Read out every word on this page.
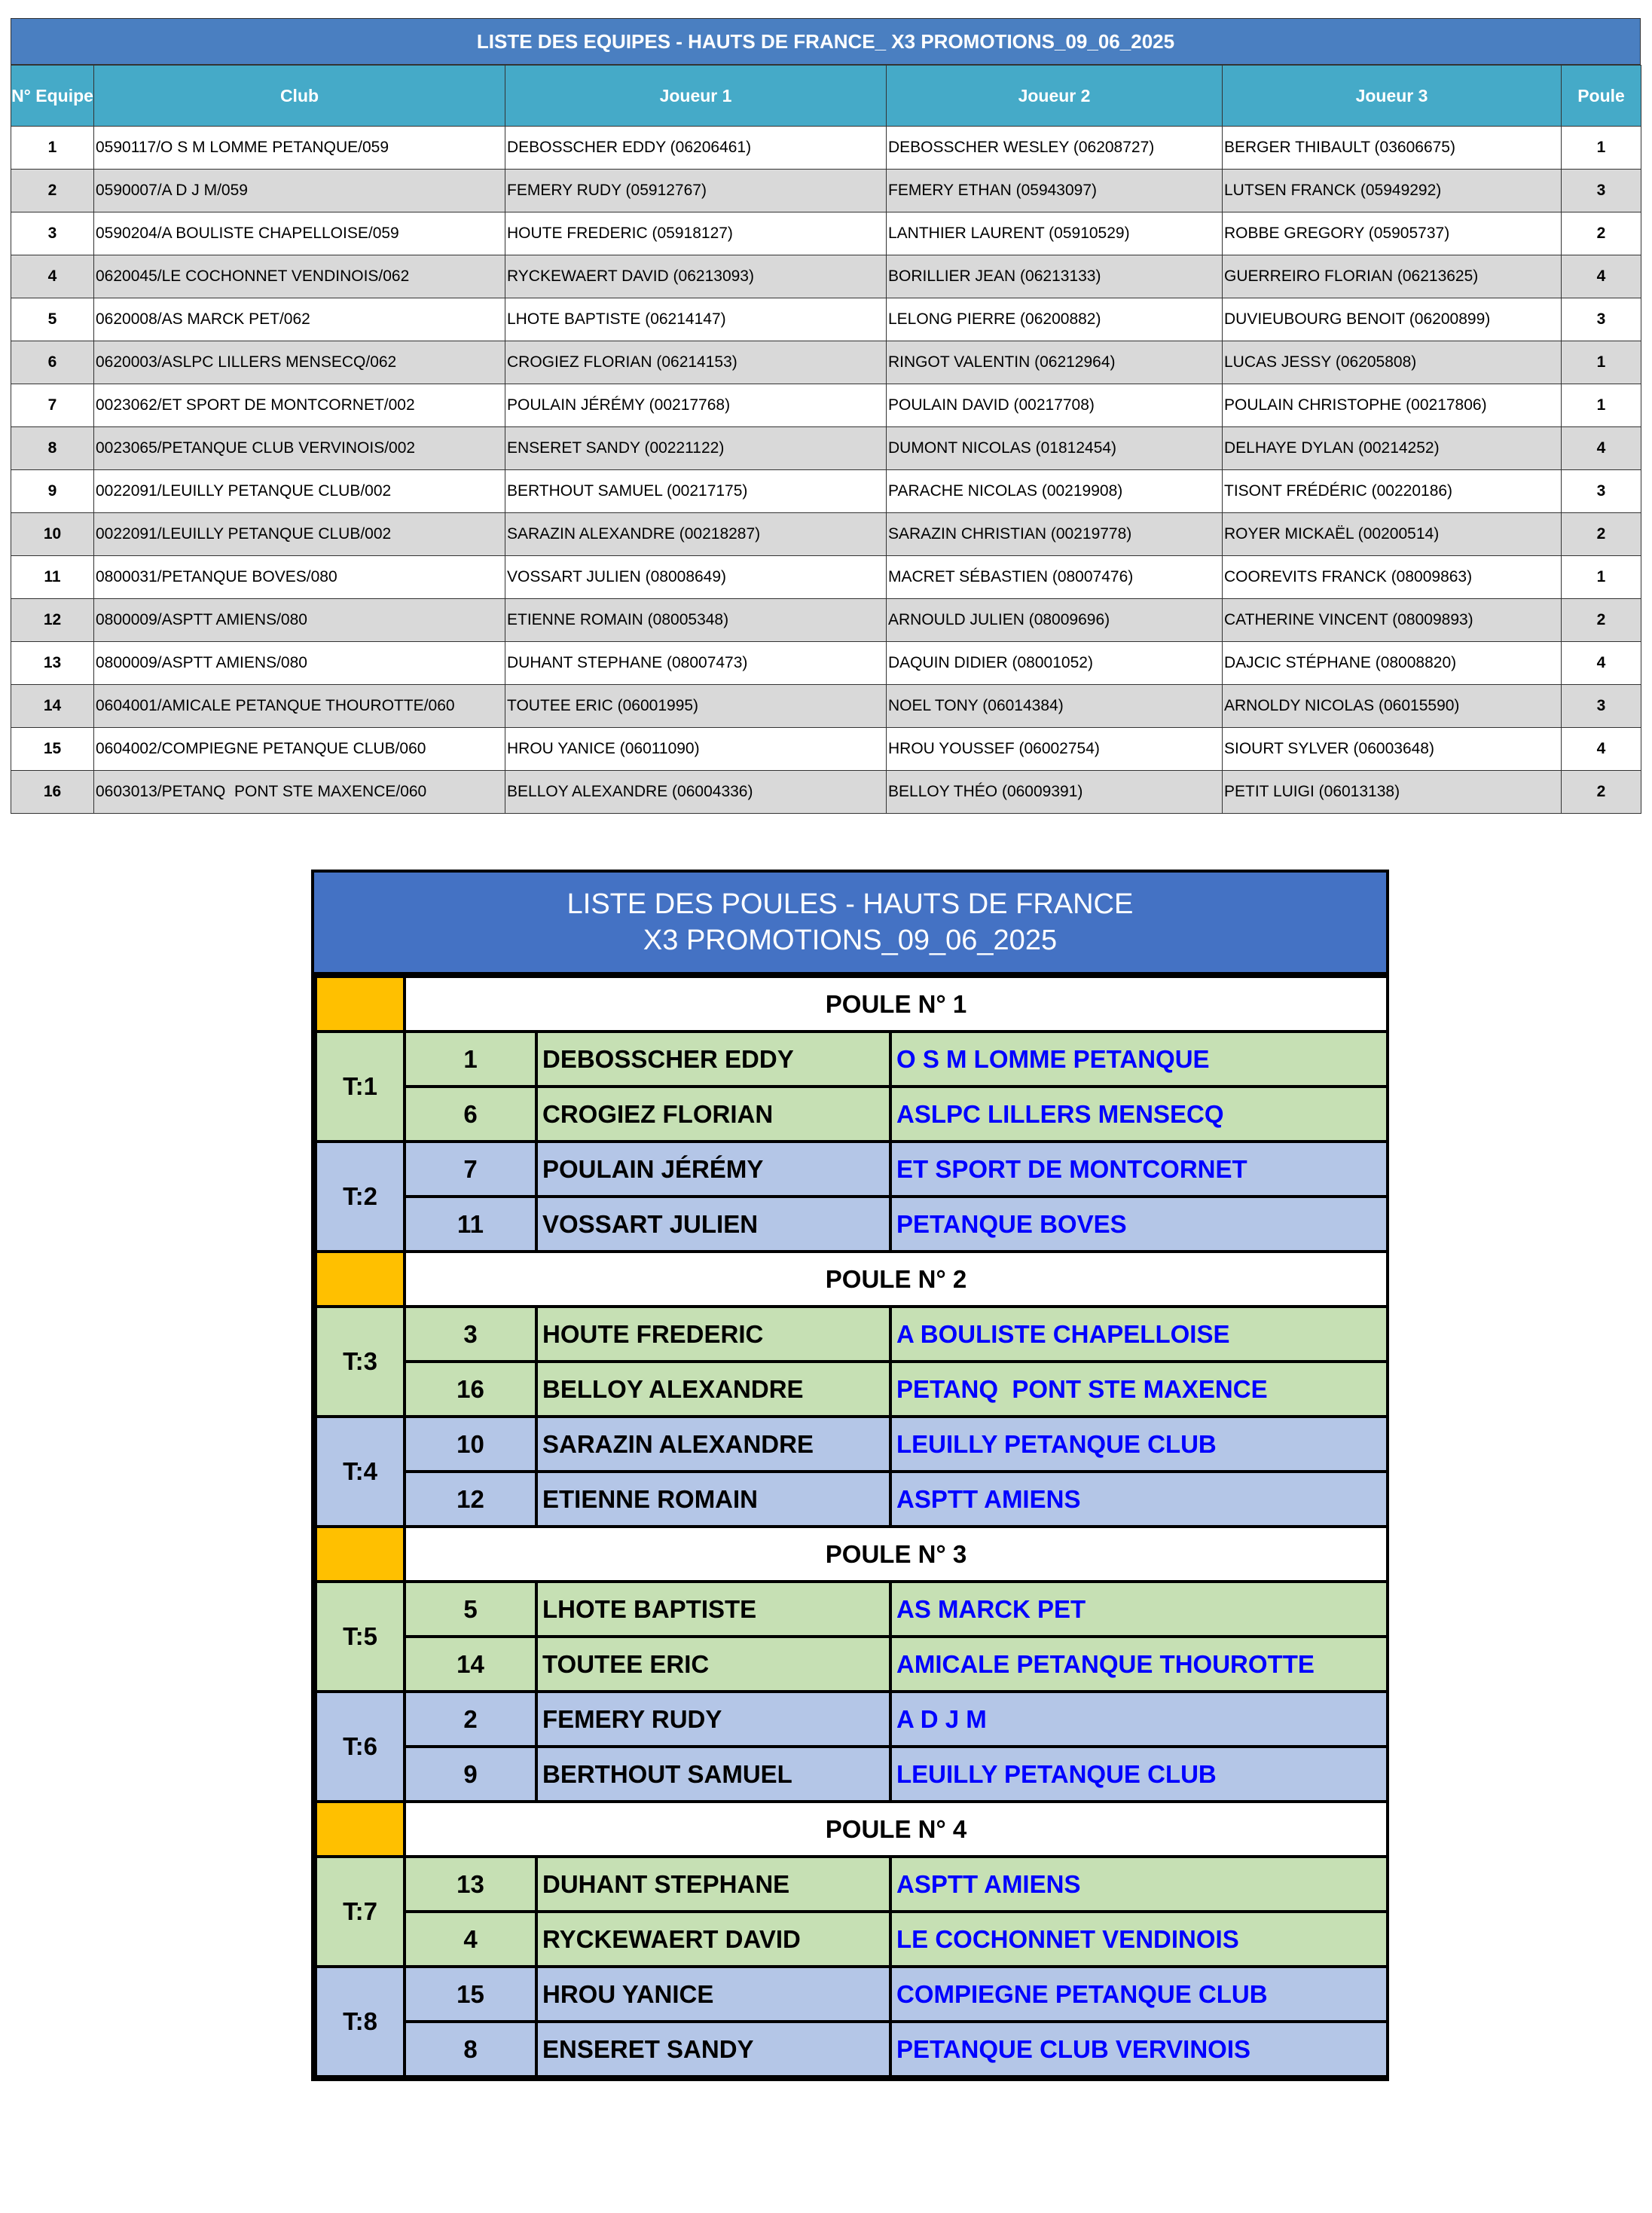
LISTE DES EQUIPES - HAUTS DE FRANCE_ X3 PROMOTIONS_09_06_2025
N° Equipe	Club	Joueur 1	Joueur 2	Joueur 3	Poule
1	0590117/O S M LOMME PETANQUE/059	DEBOSSCHER EDDY (06206461)	DEBOSSCHER WESLEY (06208727)	BERGER THIBAULT (03606675)	1
2	0590007/A D J M/059	FEMERY RUDY (05912767)	FEMERY ETHAN (05943097)	LUTSEN FRANCK (05949292)	3
3	0590204/A BOULISTE CHAPELLOISE/059	HOUTE FREDERIC (05918127)	LANTHIER LAURENT (05910529)	ROBBE GREGORY (05905737)	2
4	0620045/LE COCHONNET VENDINOIS/062	RYCKEWAERT DAVID (06213093)	BORILLIER JEAN (06213133)	GUERREIRO FLORIAN (06213625)	4
5	0620008/AS MARCK PET/062	LHOTE BAPTISTE (06214147)	LELONG PIERRE (06200882)	DUVIEUBOURG BENOIT (06200899)	3
6	0620003/ASLPC LILLERS MENSECQ/062	CROGIEZ FLORIAN (06214153)	RINGOT VALENTIN (06212964)	LUCAS JESSY (06205808)	1
7	0023062/ET SPORT DE MONTCORNET/002	POULAIN JÉRÉMY (00217768)	POULAIN DAVID (00217708)	POULAIN CHRISTOPHE (00217806)	1
8	0023065/PETANQUE CLUB VERVINOIS/002	ENSERET SANDY (00221122)	DUMONT NICOLAS (01812454)	DELHAYE DYLAN (00214252)	4
9	0022091/LEUILLY PETANQUE CLUB/002	BERTHOUT SAMUEL (00217175)	PARACHE NICOLAS (00219908)	TISONT FRÉDÉRIC (00220186)	3
10	0022091/LEUILLY PETANQUE CLUB/002	SARAZIN ALEXANDRE (00218287)	SARAZIN CHRISTIAN (00219778)	ROYER MICKAËL (00200514)	2
11	0800031/PETANQUE BOVES/080	VOSSART JULIEN (08008649)	MACRET SÉBASTIEN (08007476)	COOREVITS FRANCK (08009863)	1
12	0800009/ASPTT AMIENS/080	ETIENNE ROMAIN (08005348)	ARNOULD JULIEN (08009696)	CATHERINE VINCENT (08009893)	2
13	0800009/ASPTT AMIENS/080	DUHANT STEPHANE (08007473)	DAQUIN DIDIER (08001052)	DAJCIC STÉPHANE (08008820)	4
14	0604001/AMICALE PETANQUE THOUROTTE/060	TOUTEE ERIC (06001995)	NOEL TONY (06014384)	ARNOLDY NICOLAS (06015590)	3
15	0604002/COMPIEGNE PETANQUE CLUB/060	HROU YANICE (06011090)	HROU YOUSSEF (06002754)	SIOURT SYLVER (06003648)	4
16	0603013/PETANQ  PONT STE MAXENCE/060	BELLOY ALEXANDRE (06004336)	BELLOY THÉO (06009391)	PETIT LUIGI (06013138)	2
LISTE DES POULES - HAUTS DE FRANCE
X3 PROMOTIONS_09_06_2025
	POULE N° 1		
T:1	1	DEBOSSCHER EDDY	O S M LOMME PETANQUE
	6	CROGIEZ FLORIAN	ASLPC LILLERS MENSECQ
T:2	7	POULAIN JÉRÉMY	ET SPORT DE MONTCORNET
	11	VOSSART JULIEN	PETANQUE BOVES
	POULE N° 2		
T:3	3	HOUTE FREDERIC	A BOULISTE CHAPELLOISE
	16	BELLOY ALEXANDRE	PETANQ  PONT STE MAXENCE
T:4	10	SARAZIN ALEXANDRE	LEUILLY PETANQUE CLUB
	12	ETIENNE ROMAIN	ASPTT AMIENS
	POULE N° 3		
T:5	5	LHOTE BAPTISTE	AS MARCK PET
	14	TOUTEE ERIC	AMICALE PETANQUE THOUROTTE
T:6	2	FEMERY RUDY	A D J M
	9	BERTHOUT SAMUEL	LEUILLY PETANQUE CLUB
	POULE N° 4		
T:7	13	DUHANT STEPHANE	ASPTT AMIENS
	4	RYCKEWAERT DAVID	LE COCHONNET VENDINOIS
T:8	15	HROU YANICE	COMPIEGNE PETANQUE CLUB
	8	ENSERET SANDY	PETANQUE CLUB VERVINOIS
